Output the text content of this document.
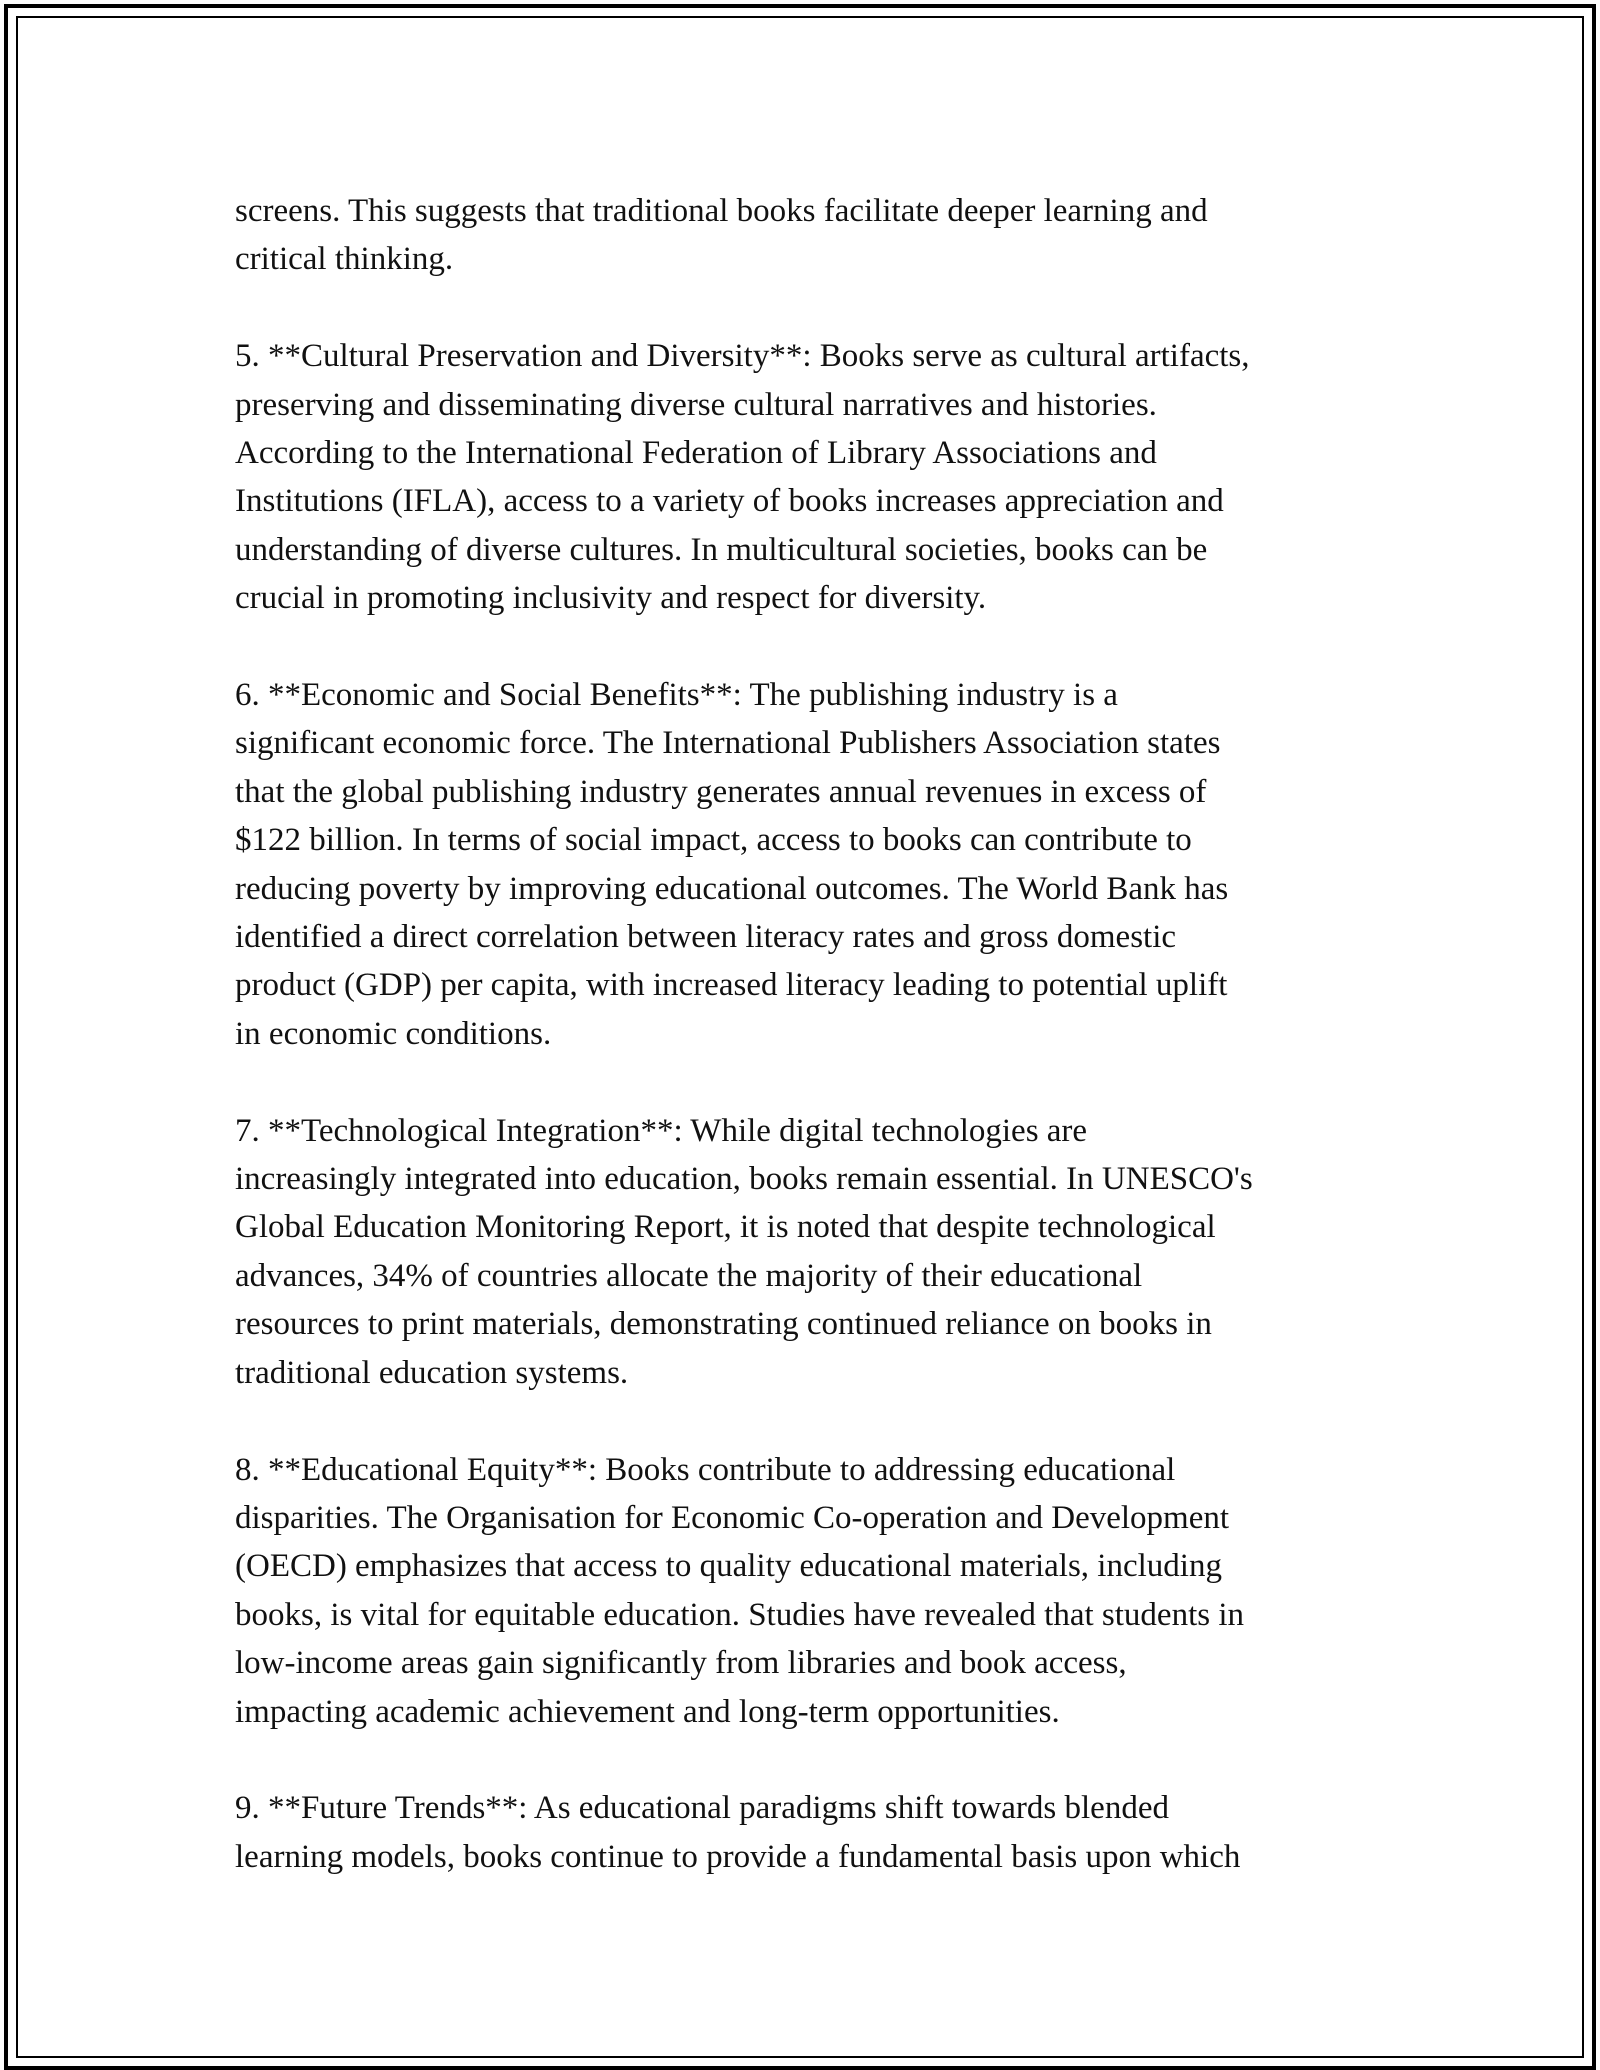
screens. This suggests that traditional books facilitate deeper learning and
critical thinking.

5. **Cultural Preservation and Diversity**: Books serve as cultural artifacts,
preserving and disseminating diverse cultural narratives and histories.
According to the International Federation of Library Associations and
Institutions (IFLA), access to a variety of books increases appreciation and
understanding of diverse cultures. In multicultural societies, books can be
crucial in promoting inclusivity and respect for diversity.

6. **Economic and Social Benefits**: The publishing industry is a
significant economic force. The International Publishers Association states
that the global publishing industry generates annual revenues in excess of
$122 billion. In terms of social impact, access to books can contribute to
reducing poverty by improving educational outcomes. The World Bank has
identified a direct correlation between literacy rates and gross domestic
product (GDP) per capita, with increased literacy leading to potential uplift
in economic conditions.

7. **Technological Integration**: While digital technologies are
increasingly integrated into education, books remain essential. In UNESCO's
Global Education Monitoring Report, it is noted that despite technological
advances, 34% of countries allocate the majority of their educational
resources to print materials, demonstrating continued reliance on books in
traditional education systems.

8. **Educational Equity**: Books contribute to addressing educational
disparities. The Organisation for Economic Co-operation and Development
(OECD) emphasizes that access to quality educational materials, including
books, is vital for equitable education. Studies have revealed that students in
low-income areas gain significantly from libraries and book access,
impacting academic achievement and long-term opportunities.

9. **Future Trends**: As educational paradigms shift towards blended
learning models, books continue to provide a fundamental basis upon which
